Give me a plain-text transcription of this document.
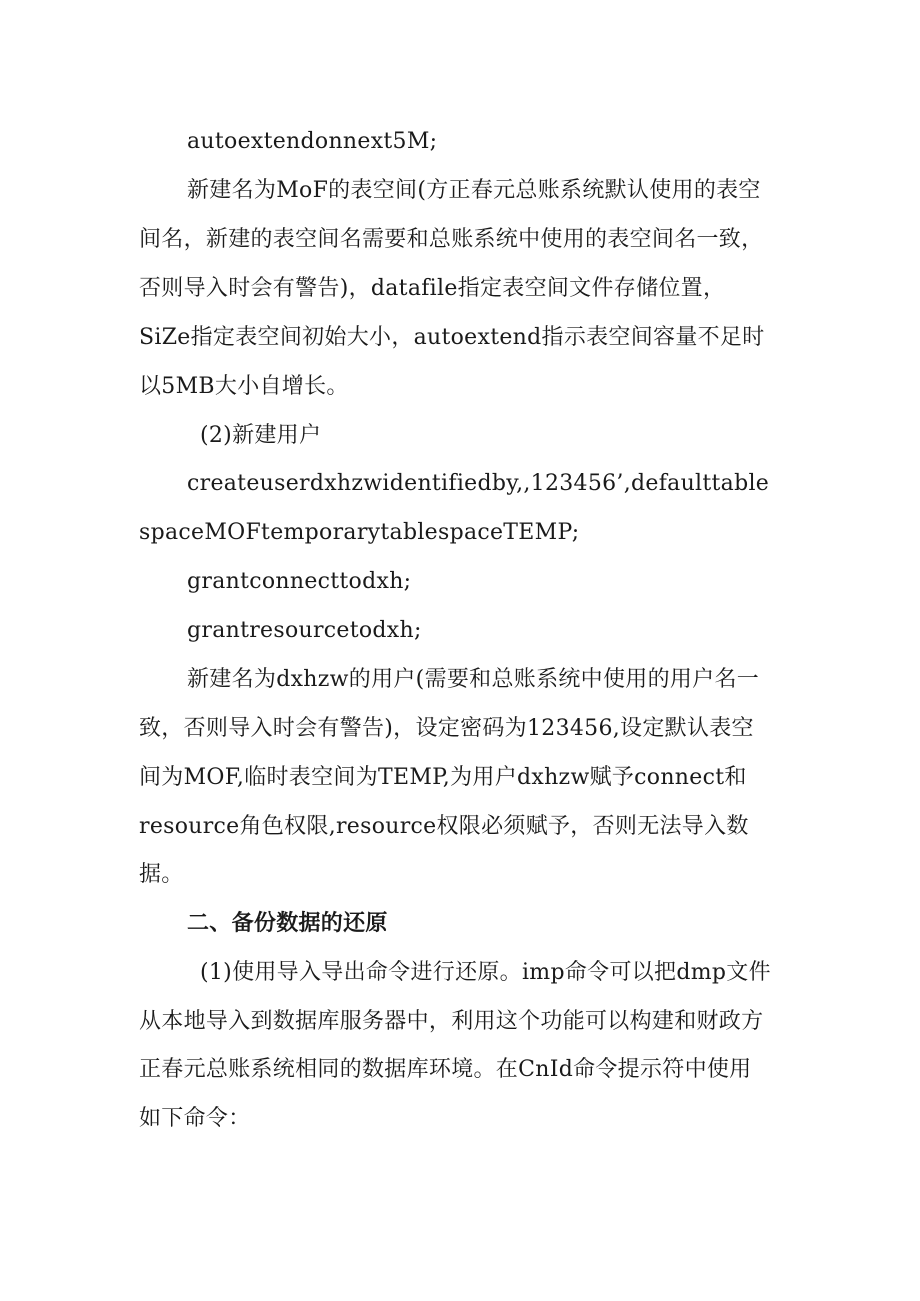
autoextendonnext5M;
新建名为MoF的表空间(方正春元总账系统默认使用的表空
间名，新建的表空间名需要和总账系统中使用的表空间名一致，
否则导入时会有警告)，datafile指定表空间文件存储位置，
SiZe指定表空间初始大小，autoextend指示表空间容量不足时
以5MB大小自增长。
(2)新建用户
createuserdxhzwidentifiedby,,123456’,defaulttable
spaceMOFtemporarytablespaceTEMP;
grantconnecttodxh;
grantresourcetodxh;
新建名为dxhzw的用户(需要和总账系统中使用的用户名一
致，否则导入时会有警告)，设定密码为123456,设定默认表空
间为MOF,临时表空间为TEMP,为用户dxhzw赋予connect和
resource角色权限,resource权限必须赋予，否则无法导入数
据。
二、备份数据的还原
(1)使用导入导出命令进行还原。imp命令可以把dmp文件
从本地导入到数据库服务器中，利用这个功能可以构建和财政方
正春元总账系统相同的数据库环境。在CnId命令提示符中使用
如下命令：
